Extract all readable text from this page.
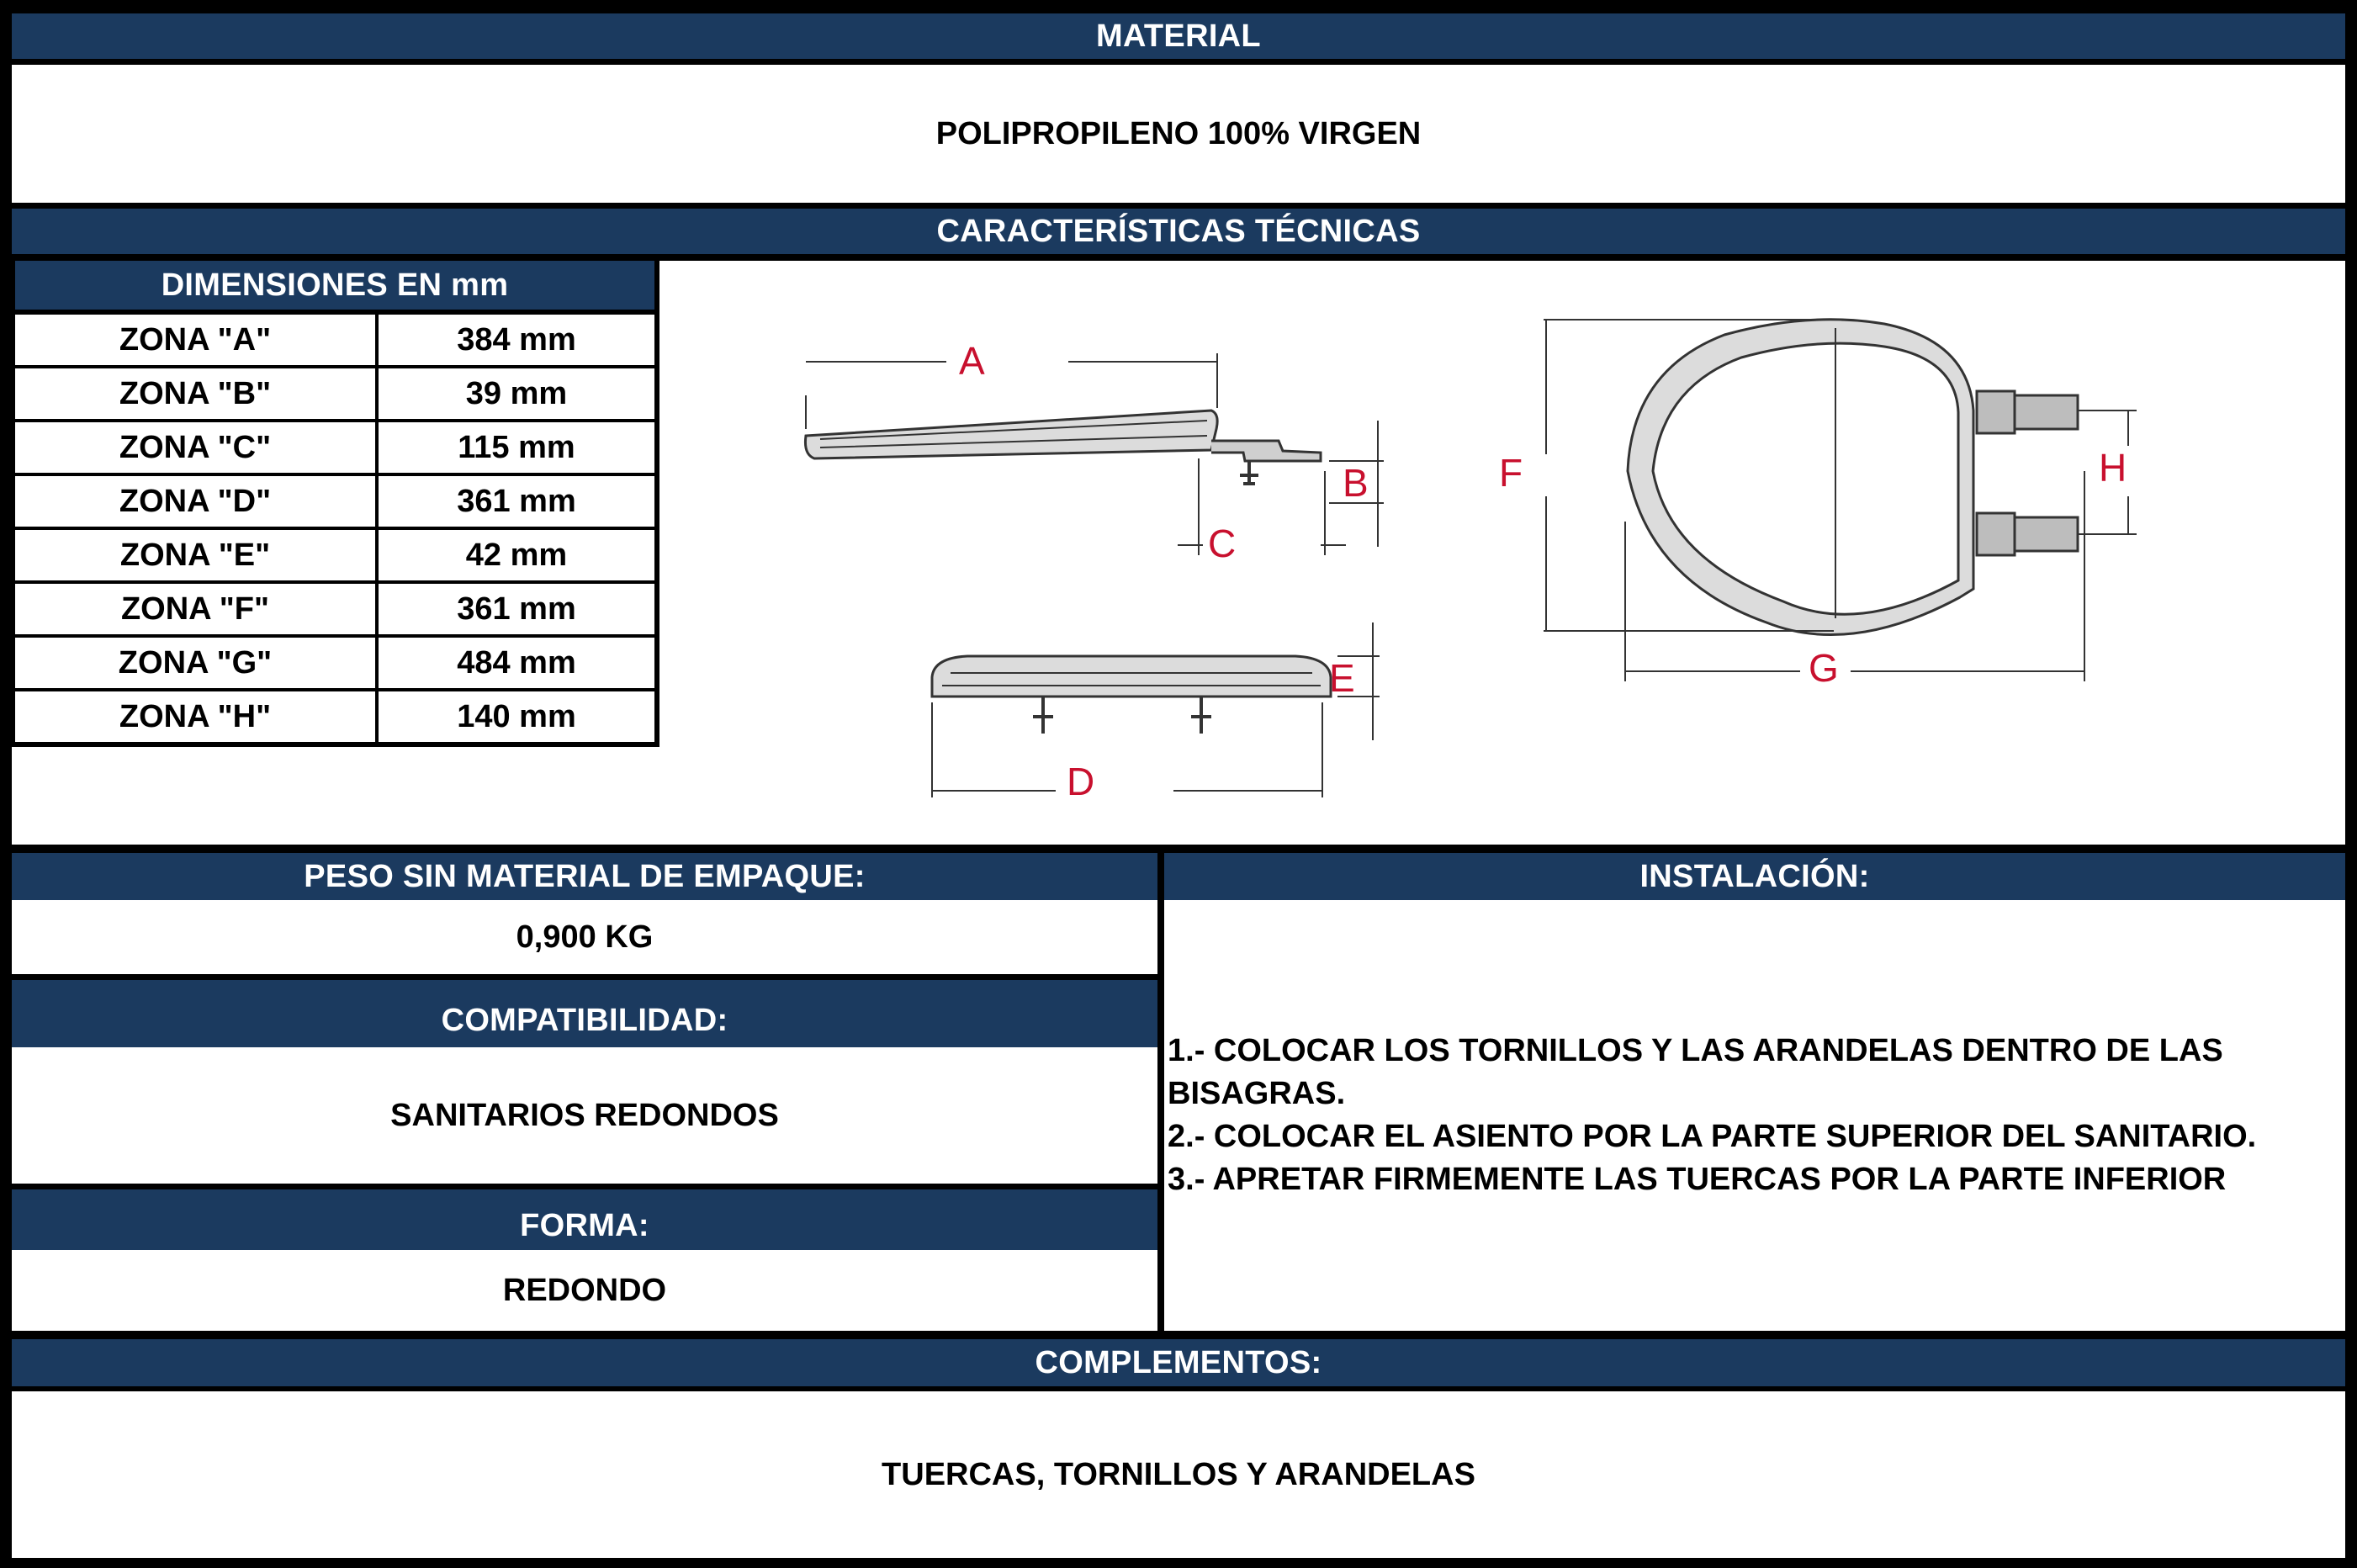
MATERIAL
POLIPROPILENO 100% VIRGEN
CARACTERÍSTICAS TÉCNICAS
DIMENSIONES EN mm
ZONA "A"	384 mm
ZONA "B"	39 mm
ZONA "C"	115 mm
ZONA "D"	361 mm
ZONA "E"	42 mm
ZONA "F"	361 mm
ZONA "G"	484 mm
ZONA "H"	140 mm
A
B
C
D
E
F
G
H
PESO SIN MATERIAL DE EMPAQUE:
0,900 KG
COMPATIBILIDAD:
SANITARIOS REDONDOS
FORMA:
REDONDO
INSTALACIÓN:
1.- COLOCAR LOS TORNILLOS Y LAS ARANDELAS DENTRO DE LAS
BISAGRAS.
2.- COLOCAR EL ASIENTO POR LA PARTE SUPERIOR DEL SANITARIO.
3.- APRETAR FIRMEMENTE LAS TUERCAS POR LA PARTE INFERIOR
COMPLEMENTOS:
TUERCAS, TORNILLOS Y ARANDELAS
